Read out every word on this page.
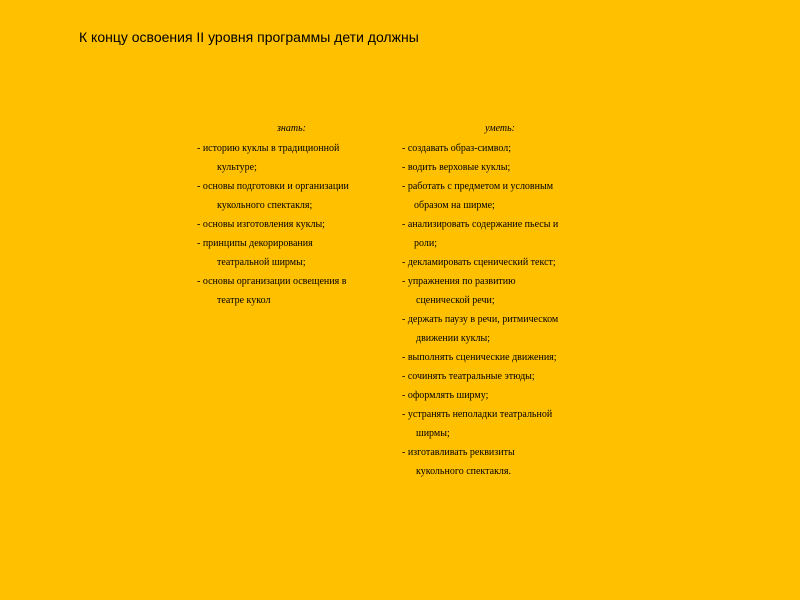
К концу освоения II уровня программы дети должны
знать:
- историю куклы в традиционной
культуре;
- основы подготовки и организации
кукольного спектакля;
- основы изготовления куклы;
- принципы декорирования
театральной ширмы;
- основы организации освещения в
театре кукол
уметь:
- создавать образ-символ;
- водить верховые куклы;
- работать с предметом и условным
образом на ширме;
- анализировать содержание пьесы и
роли;
- декламировать сценический текст;
- упражнения по развитию
сценической речи;
- держать паузу в речи, ритмическом
движении куклы;
- выполнять сценические движения;
- сочинять театральные этюды;
- оформлять ширму;
- устранять неполадки театральной
ширмы;
- изготавливать реквизиты
кукольного спектакля.
